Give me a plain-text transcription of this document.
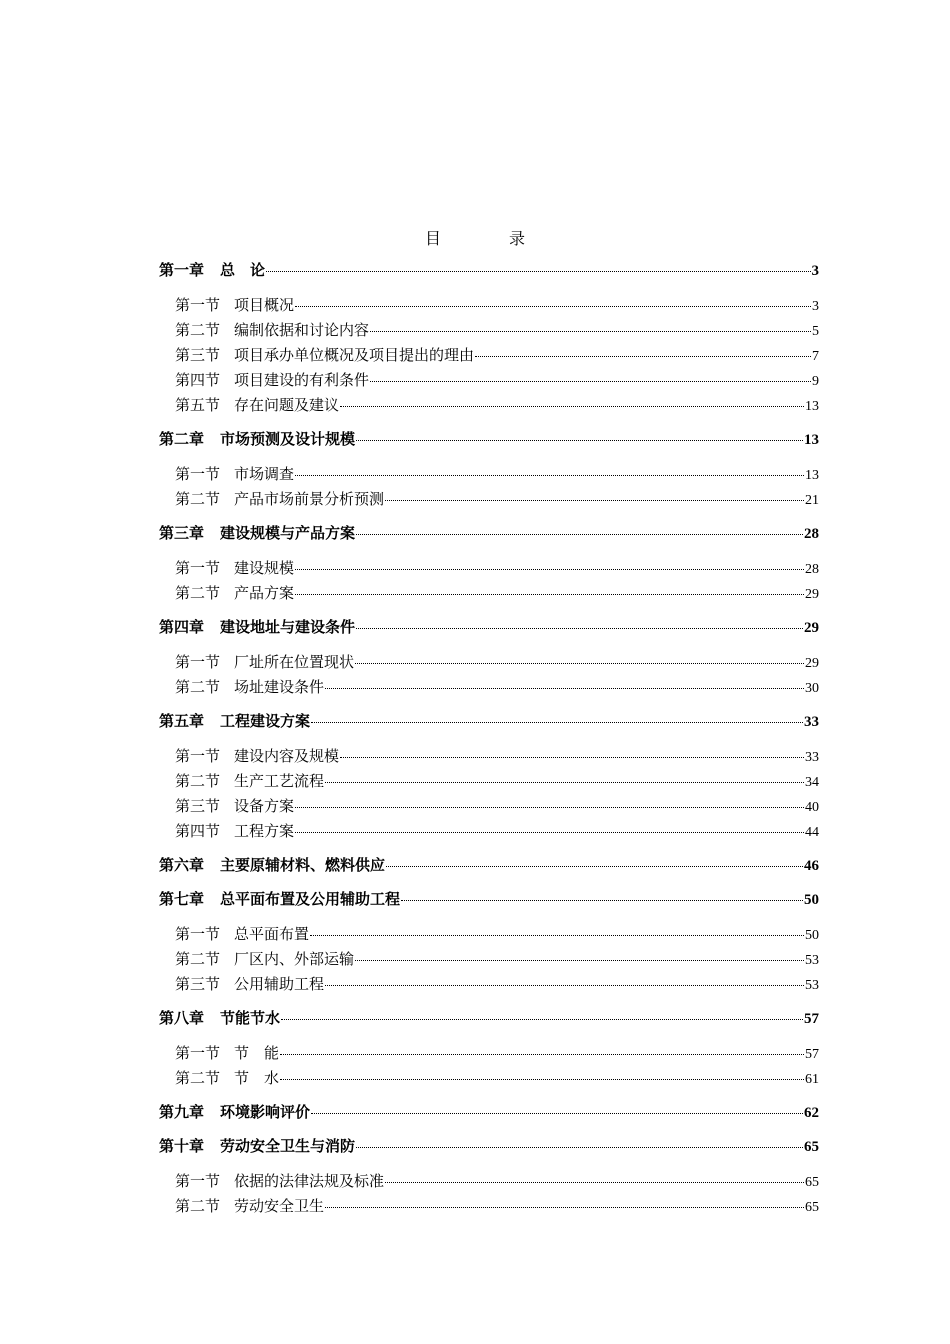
目　录
第一章 总　论	3
第一节 项目概况	3
第二节 编制依据和讨论内容	5
第三节 项目承办单位概况及项目提出的理由	7
第四节 项目建设的有利条件	9
第五节 存在问题及建议	13
第二章 市场预测及设计规模	13
第一节 市场调查	13
第二节 产品市场前景分析预测	21
第三章 建设规模与产品方案	28
第一节 建设规模	28
第二节 产品方案	29
第四章 建设地址与建设条件	29
第一节 厂址所在位置现状	29
第二节 场址建设条件	30
第五章 工程建设方案	33
第一节 建设内容及规模	33
第二节 生产工艺流程	34
第三节 设备方案	40
第四节 工程方案	44
第六章 主要原辅材料、燃料供应	46
第七章 总平面布置及公用辅助工程	50
第一节 总平面布置	50
第二节 厂区内、外部运输	53
第三节 公用辅助工程	53
第八章 节能节水	57
第一节 节　能	57
第二节 节　水	61
第九章 环境影响评价	62
第十章 劳动安全卫生与消防	65
第一节 依据的法律法规及标准	65
第二节 劳动安全卫生	65
